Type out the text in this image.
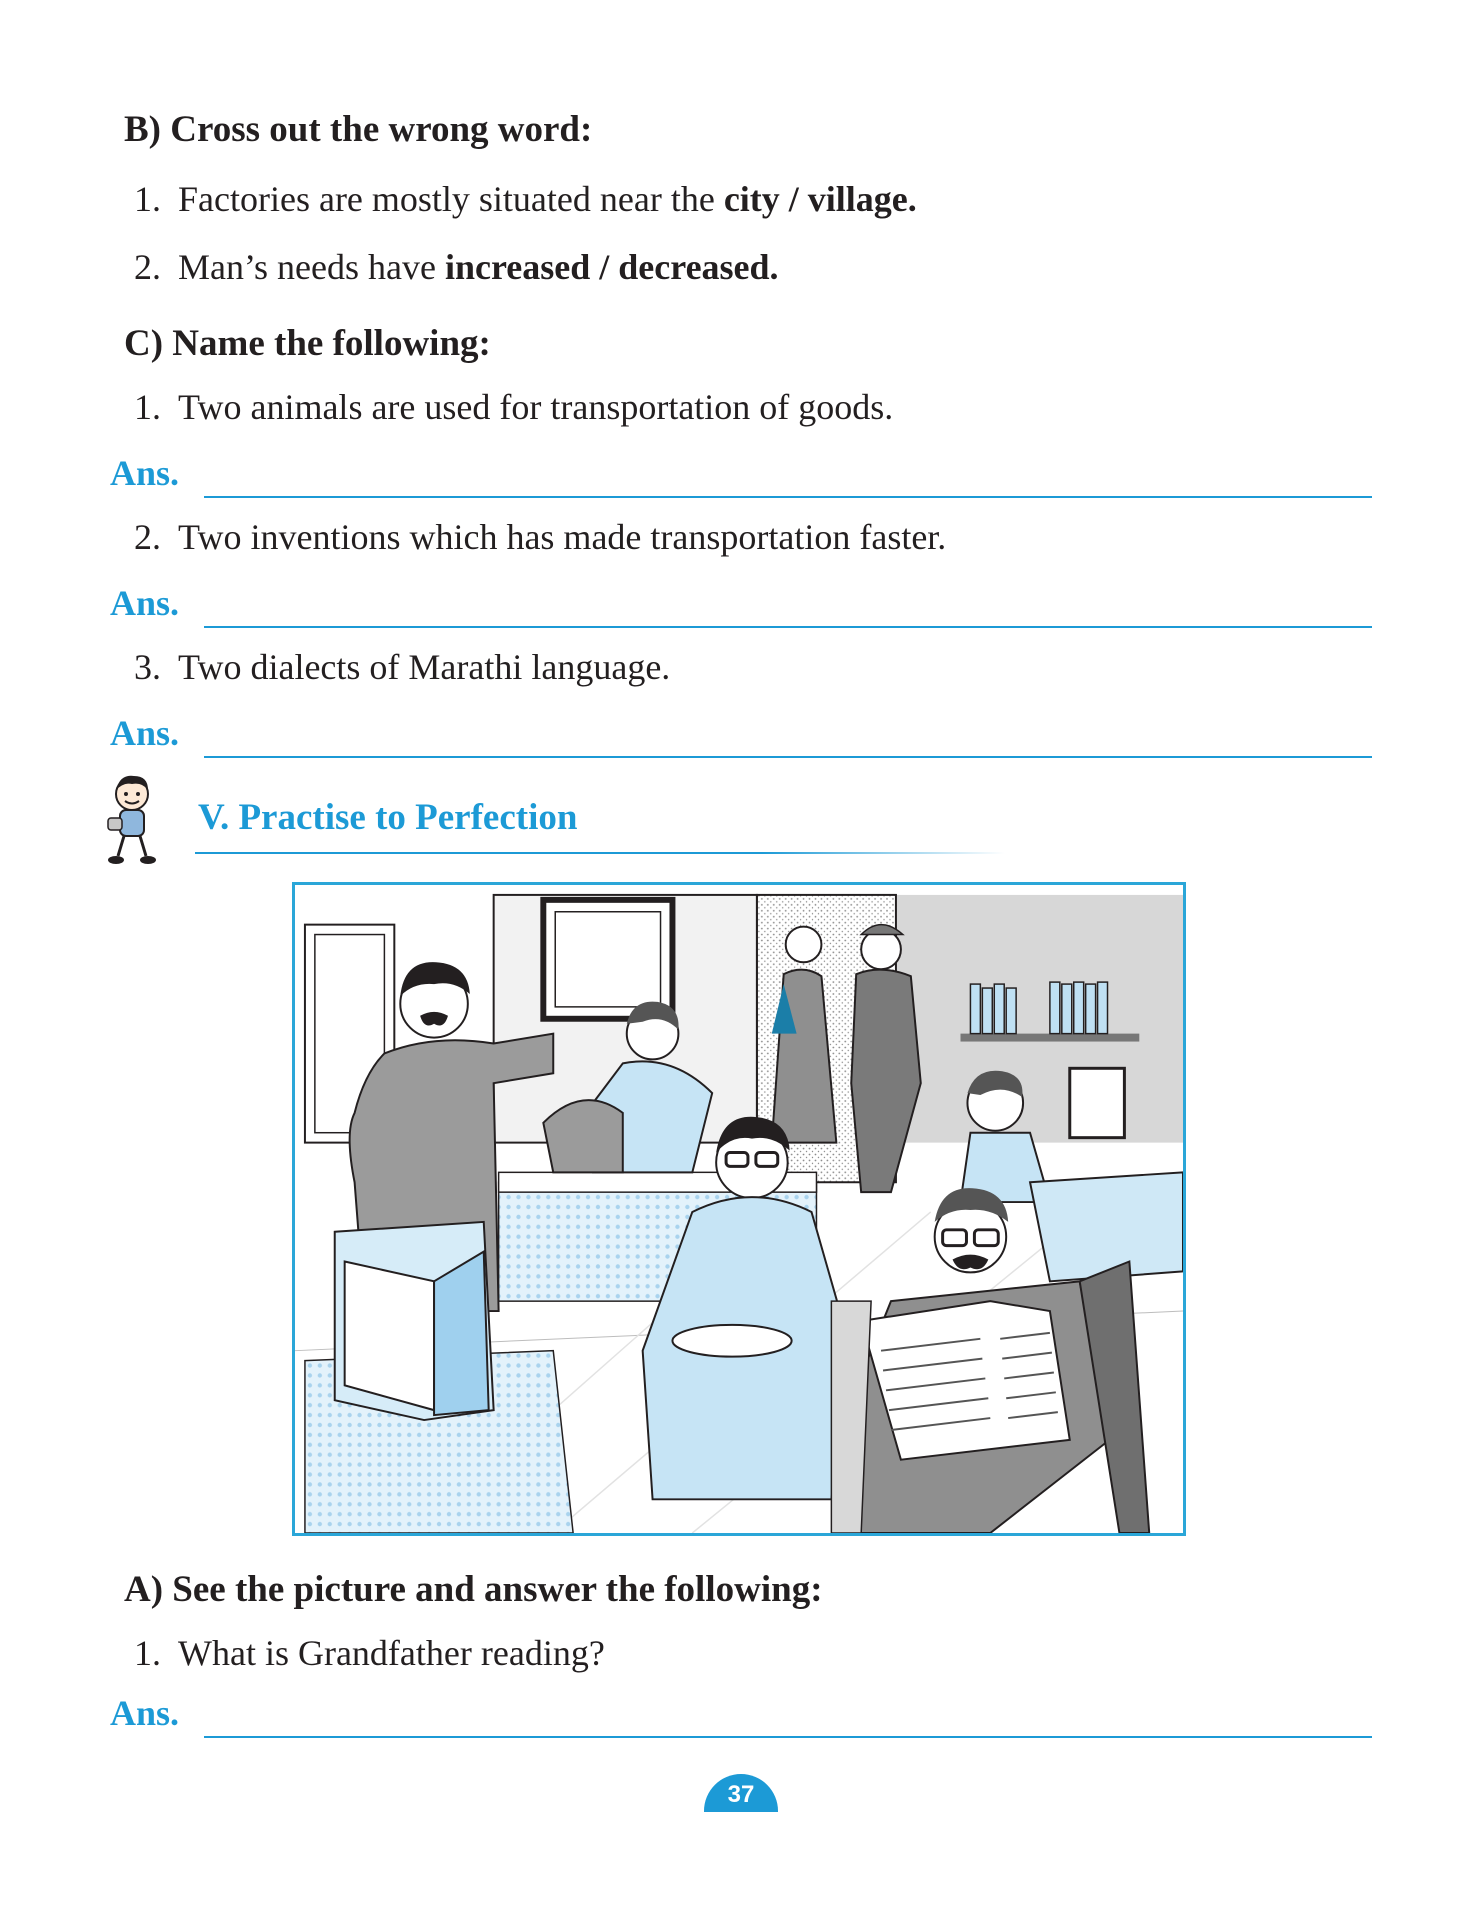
B) Cross out the wrong word:
1. Factories are mostly situated near the city / village.
2. Man’s needs have increased / decreased.
C) Name the following:
1. Two animals are used for transportation of goods.
Ans.
2. Two inventions which has made transportation faster.
Ans.
3. Two dialects of Marathi language.
Ans.
V. Practise to Perfection
A) See the picture and answer the following:
1. What is Grandfather reading?
Ans.
37
